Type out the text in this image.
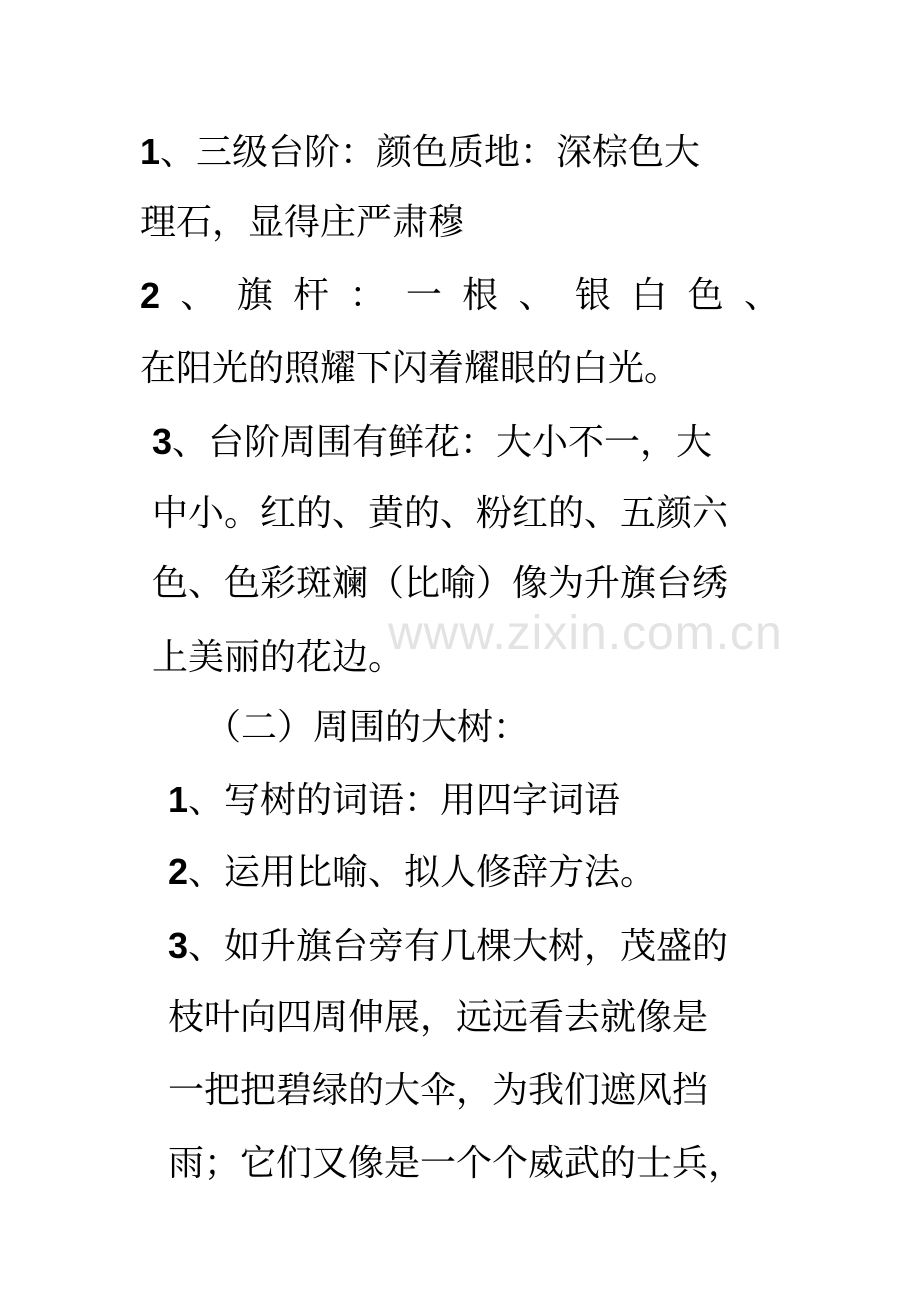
www.zixin.com.cn
1、三级台阶：颜色质地：深棕色大
理石，显得庄严肃穆
2 、 旗 杆 ： 一 根 、 银 白 色 、
在阳光的照耀下闪着耀眼的白光。
3、台阶周围有鲜花：大小不一，大
中小。红的、黄的、粉红的、五颜六
色、色彩斑斓（比喻）像为升旗台绣
上美丽的花边。
（二）周围的大树：
1、写树的词语：用四字词语
2、运用比喻、拟人修辞方法。
3、如升旗台旁有几棵大树，茂盛的
枝叶向四周伸展，远远看去就像是
一把把碧绿的大伞，为我们遮风挡
雨；它们又像是一个个威武的士兵，
